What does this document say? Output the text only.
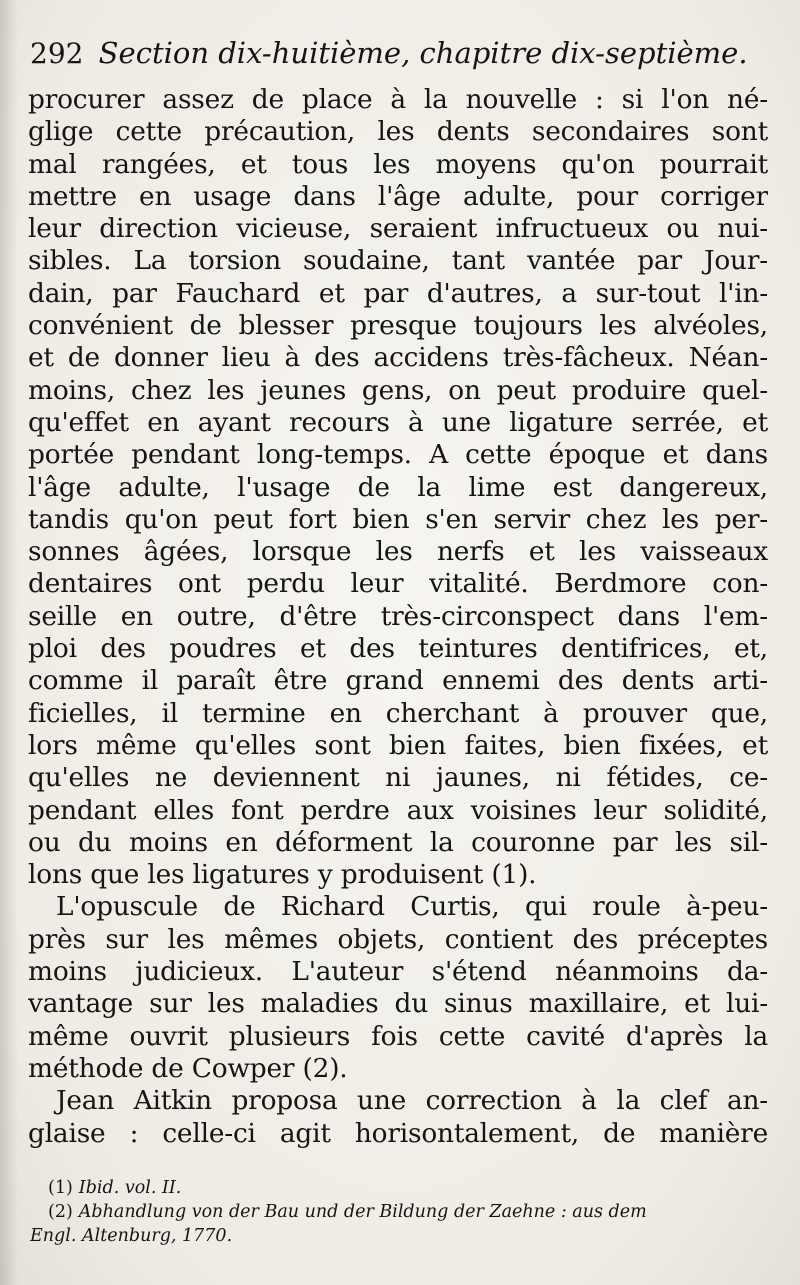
292 Section dix-huitième, chapitre dix-septième.
procurer assez de place à la nouvelle : si l'on né-
glige cette précaution, les dents secondaires sont
mal rangées, et tous les moyens qu'on pourrait
mettre en usage dans l'âge adulte, pour corriger
leur direction vicieuse, seraient infructueux ou nui-
sibles. La torsion soudaine, tant vantée par Jour-
dain, par Fauchard et par d'autres, a sur-tout l'in-
convénient de blesser presque toujours les alvéoles,
et de donner lieu à des accidens très-fâcheux. Néan-
moins, chez les jeunes gens, on peut produire quel-
qu'effet en ayant recours à une ligature serrée, et
portée pendant long-temps. A cette époque et dans
l'âge adulte, l'usage de la lime est dangereux,
tandis qu'on peut fort bien s'en servir chez les per-
sonnes âgées, lorsque les nerfs et les vaisseaux
dentaires ont perdu leur vitalité. Berdmore con-
seille en outre, d'être très-circonspect dans l'em-
ploi des poudres et des teintures dentifrices, et,
comme il paraît être grand ennemi des dents arti-
ficielles, il termine en cherchant à prouver que,
lors même qu'elles sont bien faites, bien fixées, et
qu'elles ne deviennent ni jaunes, ni fétides, ce-
pendant elles font perdre aux voisines leur solidité,
ou du moins en déforment la couronne par les sil-
lons que les ligatures y produisent (1).
L'opuscule de Richard Curtis, qui roule à-peu-
près sur les mêmes objets, contient des préceptes
moins judicieux. L'auteur s'étend néanmoins da-
vantage sur les maladies du sinus maxillaire, et lui-
même ouvrit plusieurs fois cette cavité d'après la
méthode de Cowper (2).
Jean Aitkin proposa une correction à la clef an-
glaise : celle-ci agit horisontalement, de manière
(1) Ibid. vol. II.
(2) Abhandlung von der Bau und der Bildung der Zaehne : aus dem
Engl. Altenburg, 1770.
